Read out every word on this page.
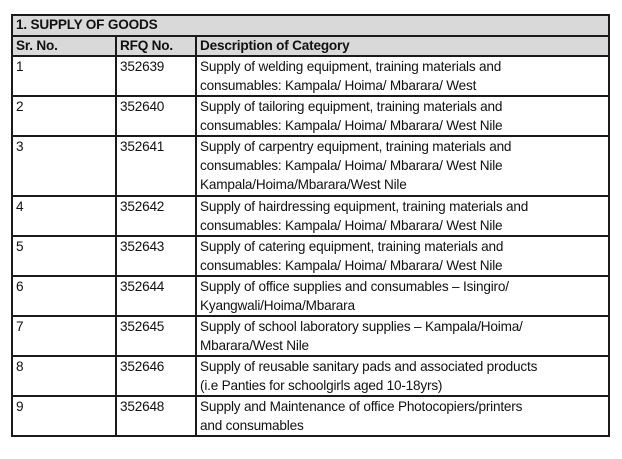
1. SUPPLY OF GOODS		
Sr. No.	RFQ No.	Description of Category
1	352639	Supply of welding equipment, training materials and
consumables: Kampala/ Hoima/ Mbarara/ West

2	352640	Supply of tailoring equipment, training materials and
consumables: Kampala/ Hoima/ Mbarara/ West Nile

3	352641	Supply of carpentry equipment, training materials and
consumables: Kampala/ Hoima/ Mbarara/ West Nile
Kampala/Hoima/Mbarara/West Nile

4	352642	Supply of hairdressing equipment, training materials and
consumables: Kampala/ Hoima/ Mbarara/ West Nile

5	352643	Supply of catering equipment, training materials and
consumables: Kampala/ Hoima/ Mbarara/ West Nile

6	352644	Supply of office supplies and consumables – Isingiro/
Kyangwali/Hoima/Mbarara

7	352645	Supply of school laboratory supplies – Kampala/Hoima/
Mbarara/West Nile

8	352646	Supply of reusable sanitary pads and associated products
(i.e Panties for schoolgirls aged 10-18yrs)

9	352648	Supply and Maintenance of office Photocopiers/printers
and consumables
